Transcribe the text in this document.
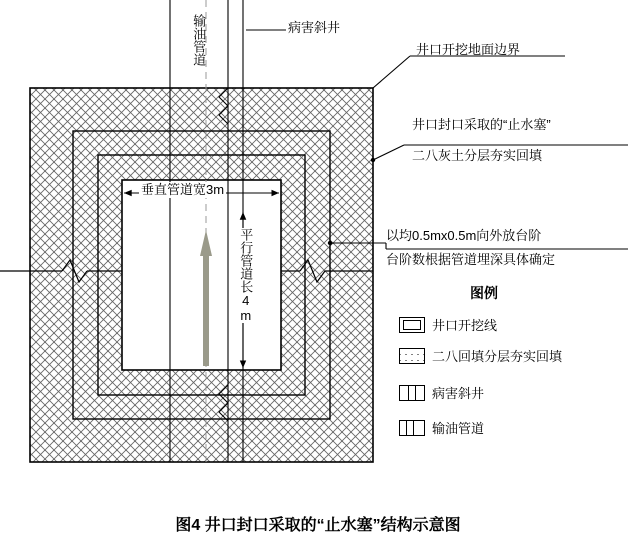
输油管道	病害斜井
井口开挖地面边界
井口封口采取的“止水塞”
二八灰土分层夯实回填
以均0.5mx0.5m向外放台阶
台阶数根据管道埋深具体确定
垂直管道宽3m
平行管道长4m	图例
井口开挖线
二八回填分层夯实回填
病害斜井
输油管道
图4 井口封口采取的“止水塞”结构示意图
